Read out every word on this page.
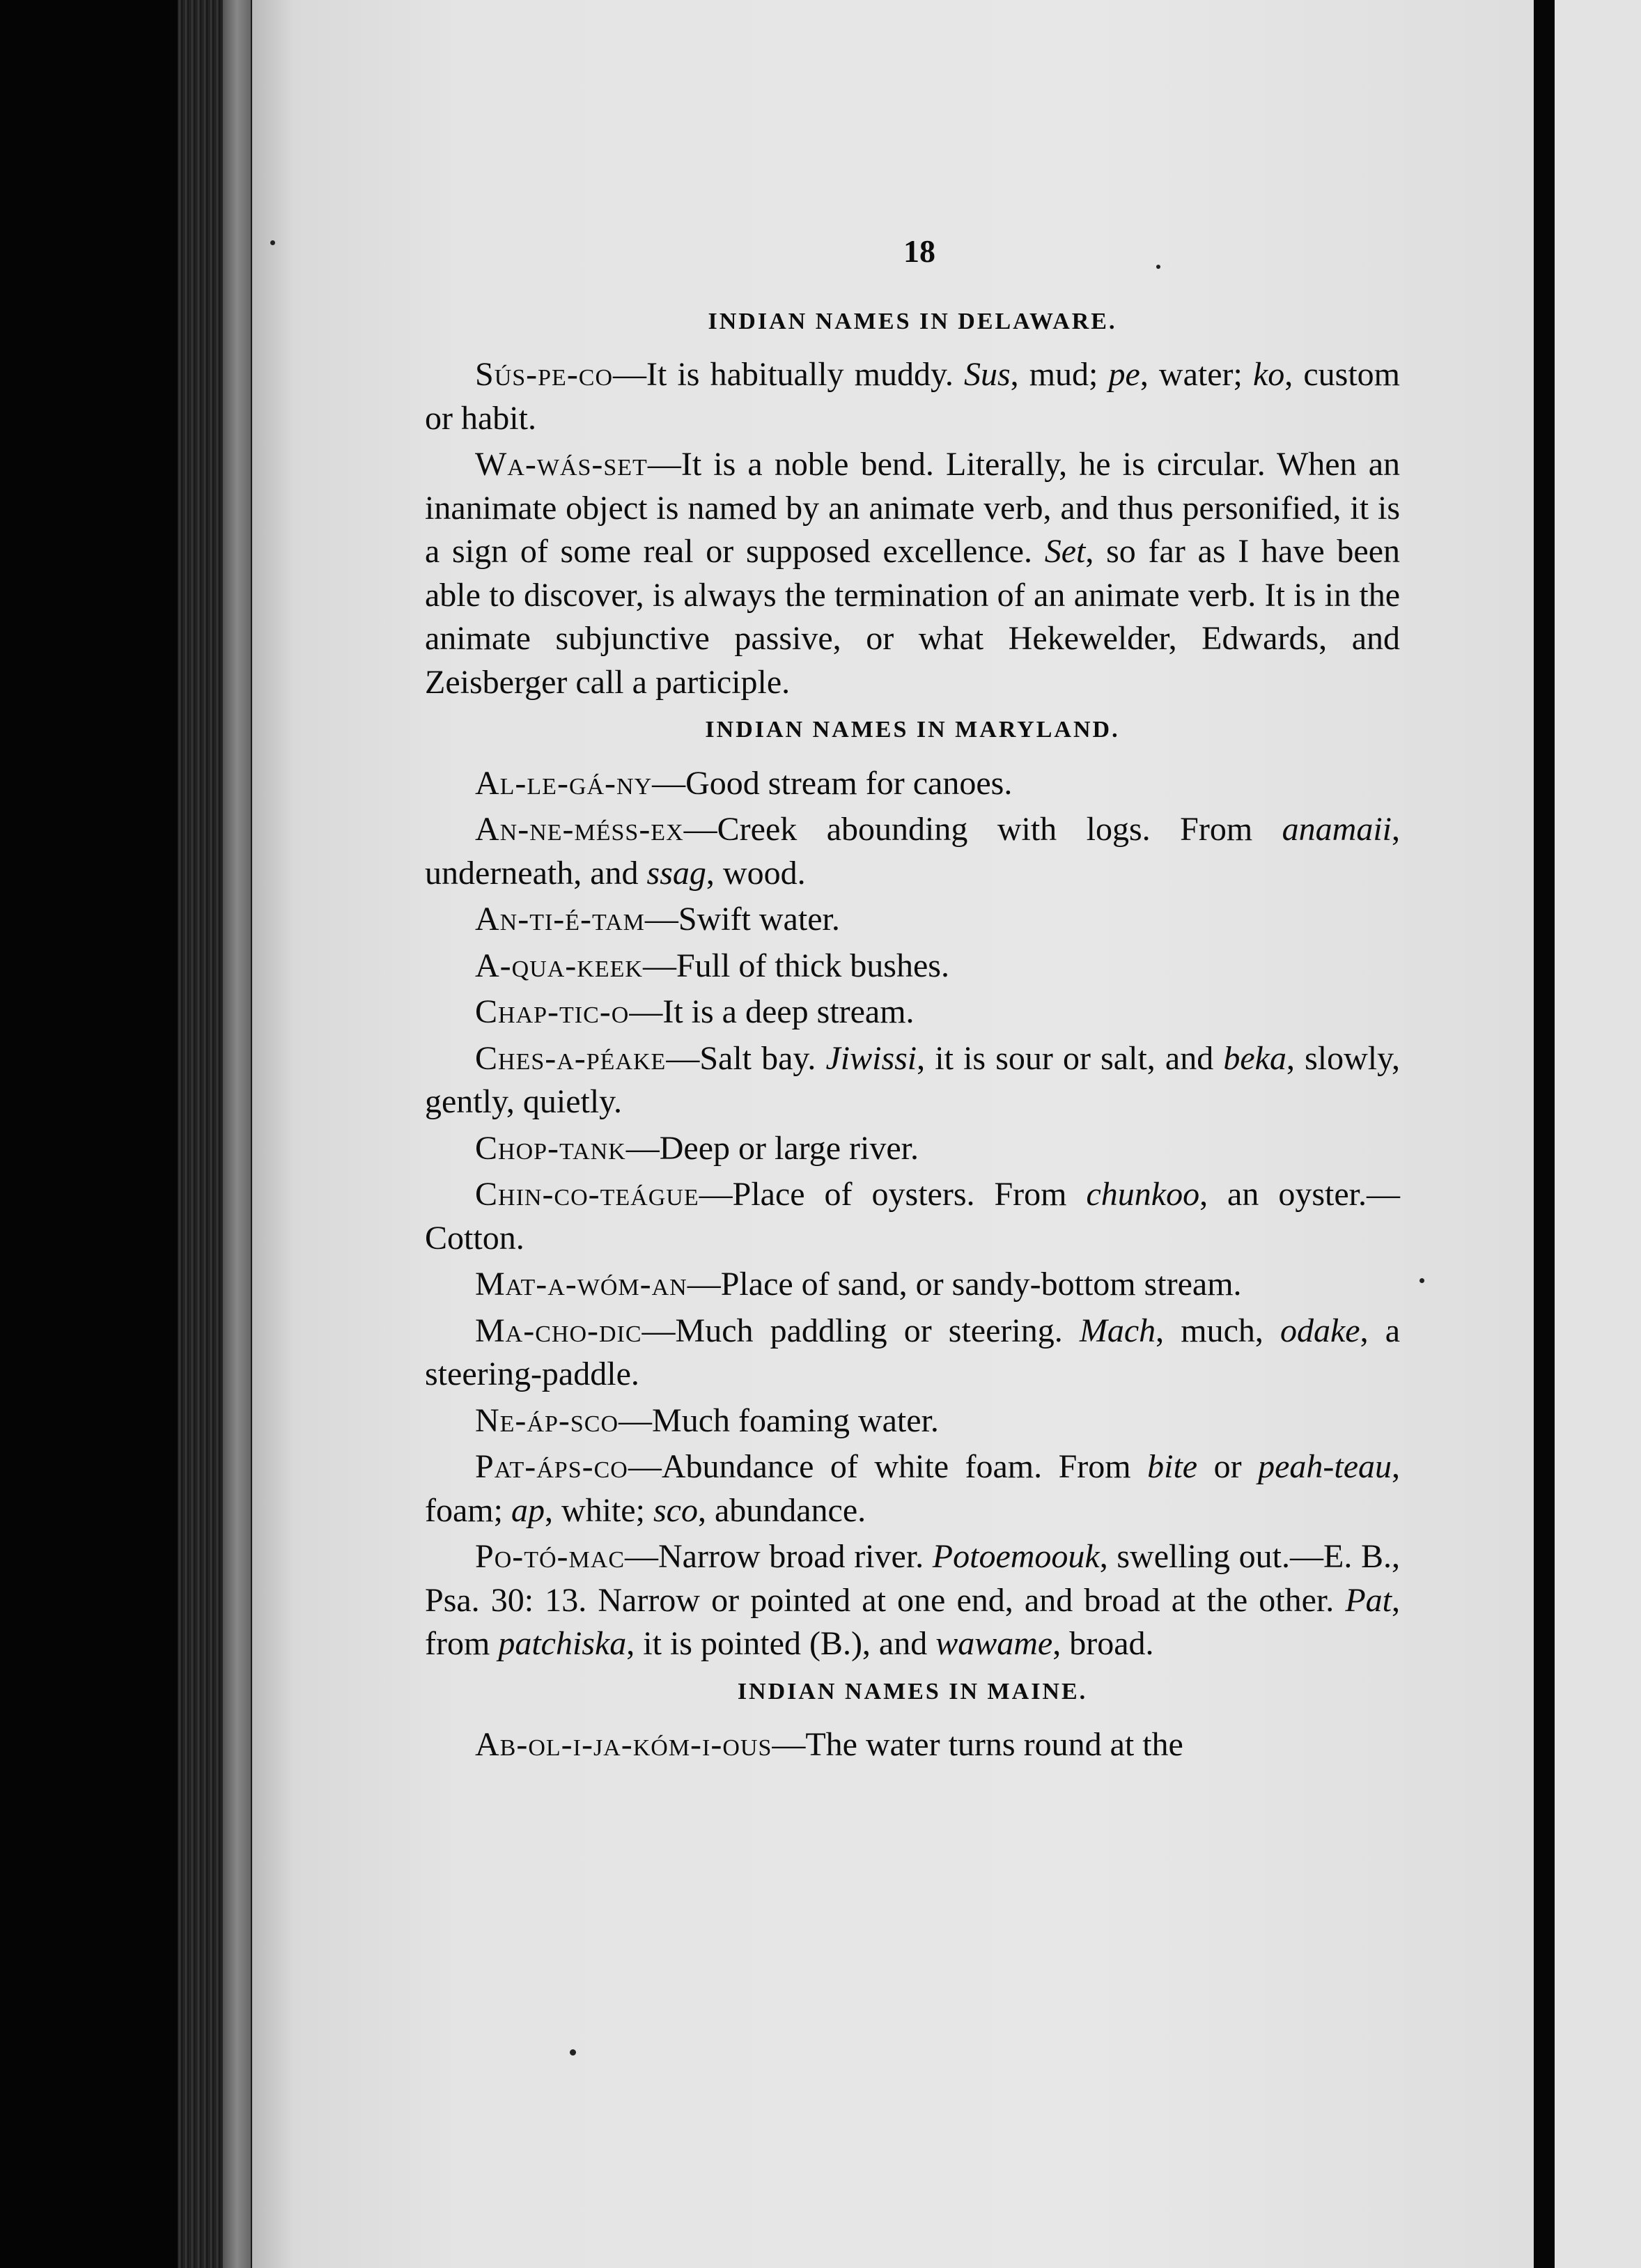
18
INDIAN NAMES IN DELAWARE.

Sús-pe-co—It is habitually muddy. Sus, mud; pe, water; ko, custom or habit.

Wa-wás-set—It is a noble bend. Literally, he is circular. When an inanimate object is named by an animate verb, and thus personified, it is a sign of some real or supposed excellence. Set, so far as I have been able to discover, is always the termination of an animate verb. It is in the animate subjunctive passive, or what Hekewelder, Edwards, and Zeisberger call a participle.

INDIAN NAMES IN MARYLAND.

Al-le-gá-ny—Good stream for canoes.

An-ne-méss-ex—Creek abounding with logs. From anamaii, underneath, and ssag, wood.

An-ti-é-tam—Swift water.

A-qua-keek—Full of thick bushes.

Chap-tic-o—It is a deep stream.

Ches-a-péake—Salt bay. Jiwissi, it is sour or salt, and beka, slowly, gently, quietly.

Chop-tank—Deep or large river.

Chin-co-teágue—Place of oysters. From chunkoo, an oyster.—Cotton.

Mat-a-wóm-an—Place of sand, or sandy-bottom stream.

Ma-cho-dic—Much paddling or steering. Mach, much, odake, a steering-paddle.

Ne-áp-sco—Much foaming water.

Pat-áps-co—Abundance of white foam. From bite or peah-teau, foam; ap, white; sco, abundance.

Po-tó-mac—Narrow broad river. Potoemoouk, swelling out.—E. B., Psa. 30: 13. Narrow or pointed at one end, and broad at the other. Pat, from patchiska, it is pointed (B.), and wawame, broad.

INDIAN NAMES IN MAINE.

Ab-ol-i-ja-kóm-i-ous—The water turns round at the
